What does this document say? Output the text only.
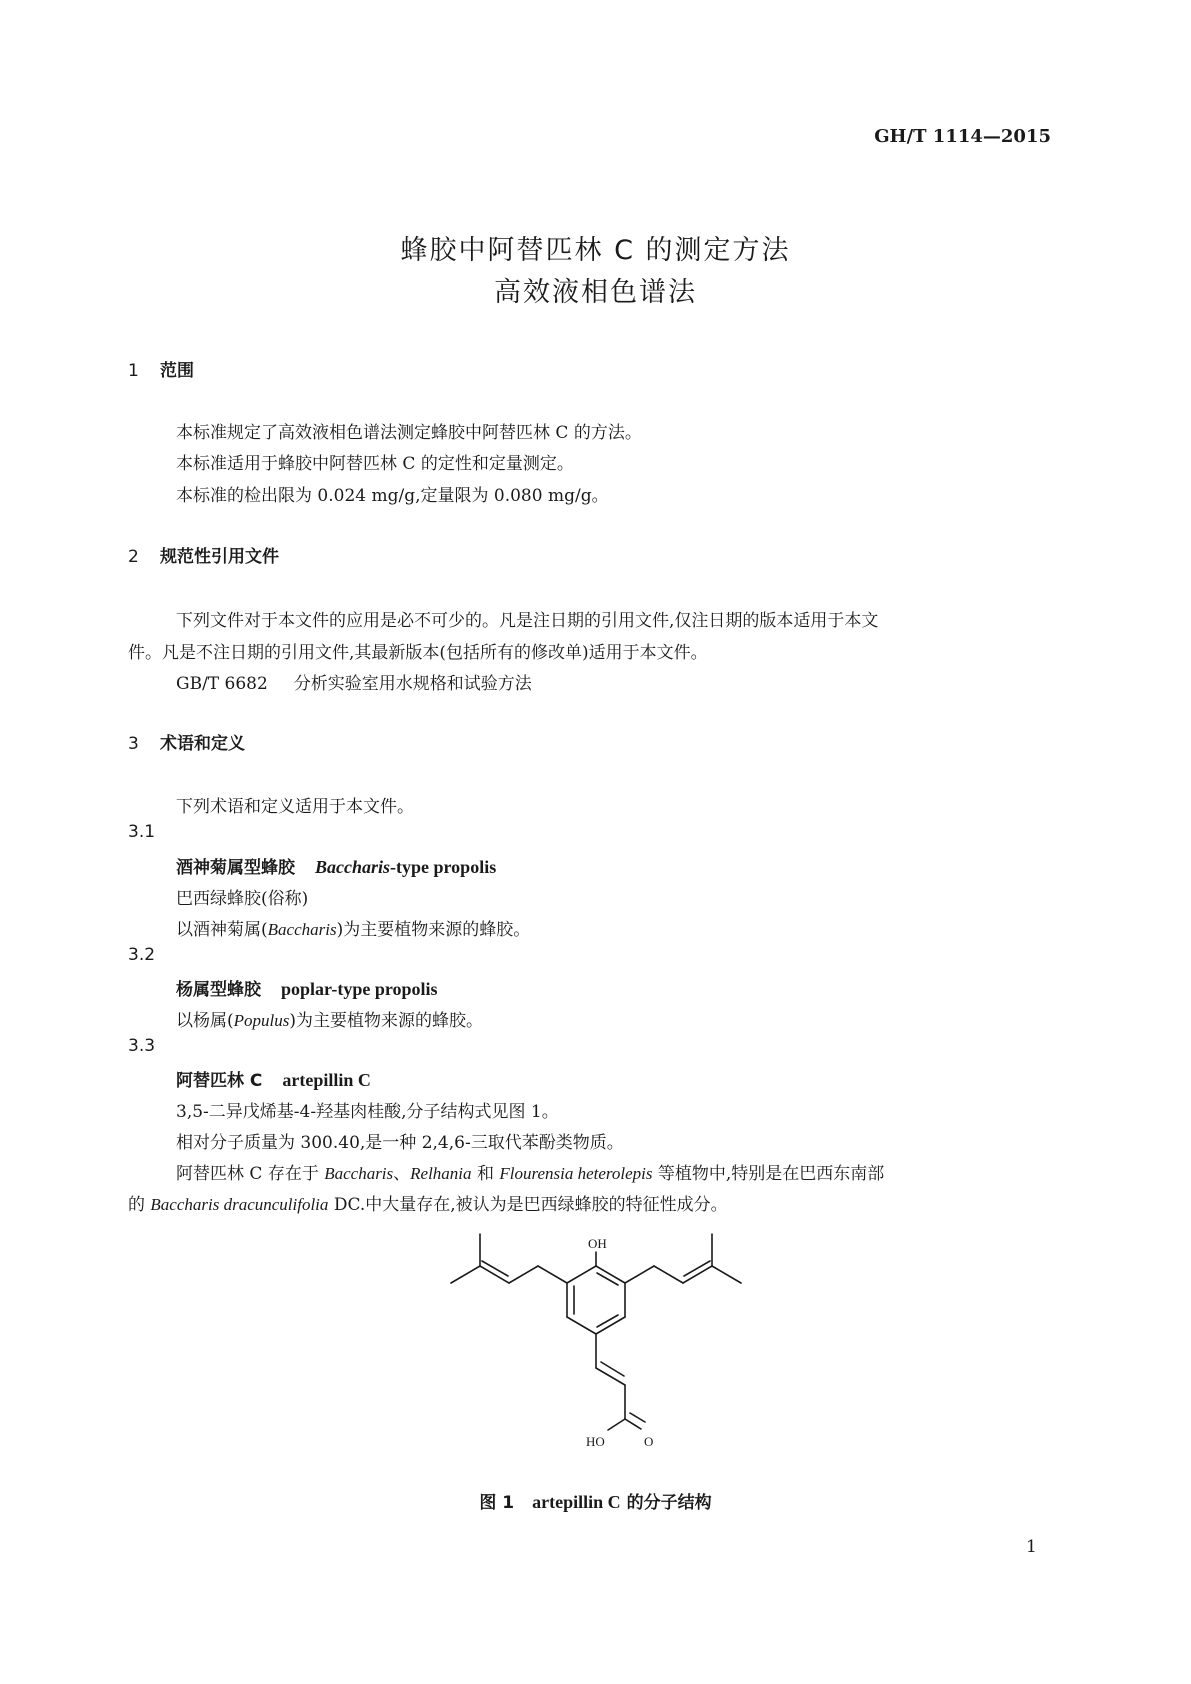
GH/T 1114—2015
蜂胶中阿替匹林 C 的测定方法
高效液相色谱法
1 范围
本标准规定了高效液相色谱法测定蜂胶中阿替匹林 C 的方法。
本标准适用于蜂胶中阿替匹林 C 的定性和定量测定。
本标准的检出限为 0.024 mg/g,定量限为 0.080 mg/g。
2 规范性引用文件
下列文件对于本文件的应用是必不可少的。凡是注日期的引用文件,仅注日期的版本适用于本文
件。凡是不注日期的引用文件,其最新版本(包括所有的修改单)适用于本文件。
GB/T 6682 分析实验室用水规格和试验方法
3 术语和定义
下列术语和定义适用于本文件。
3.1
酒神菊属型蜂胶 Baccharis-type propolis
巴西绿蜂胶(俗称)
以酒神菊属(Baccharis)为主要植物来源的蜂胶。
3.2
杨属型蜂胶 poplar-type propolis
以杨属(Populus)为主要植物来源的蜂胶。
3.3
阿替匹林 C artepillin C
3,5-二异戊烯基-4-羟基肉桂酸,分子结构式见图 1。
相对分子质量为 300.40,是一种 2,4,6-三取代苯酚类物质。
阿替匹林 C 存在于 Baccharis、Relhania 和 Flourensia heterolepis 等植物中,特别是在巴西东南部
的 Baccharis dracunculifolia DC.中大量存在,被认为是巴西绿蜂胶的特征性成分。
OH
HO	O
图 1 artepillin C 的分子结构
1
